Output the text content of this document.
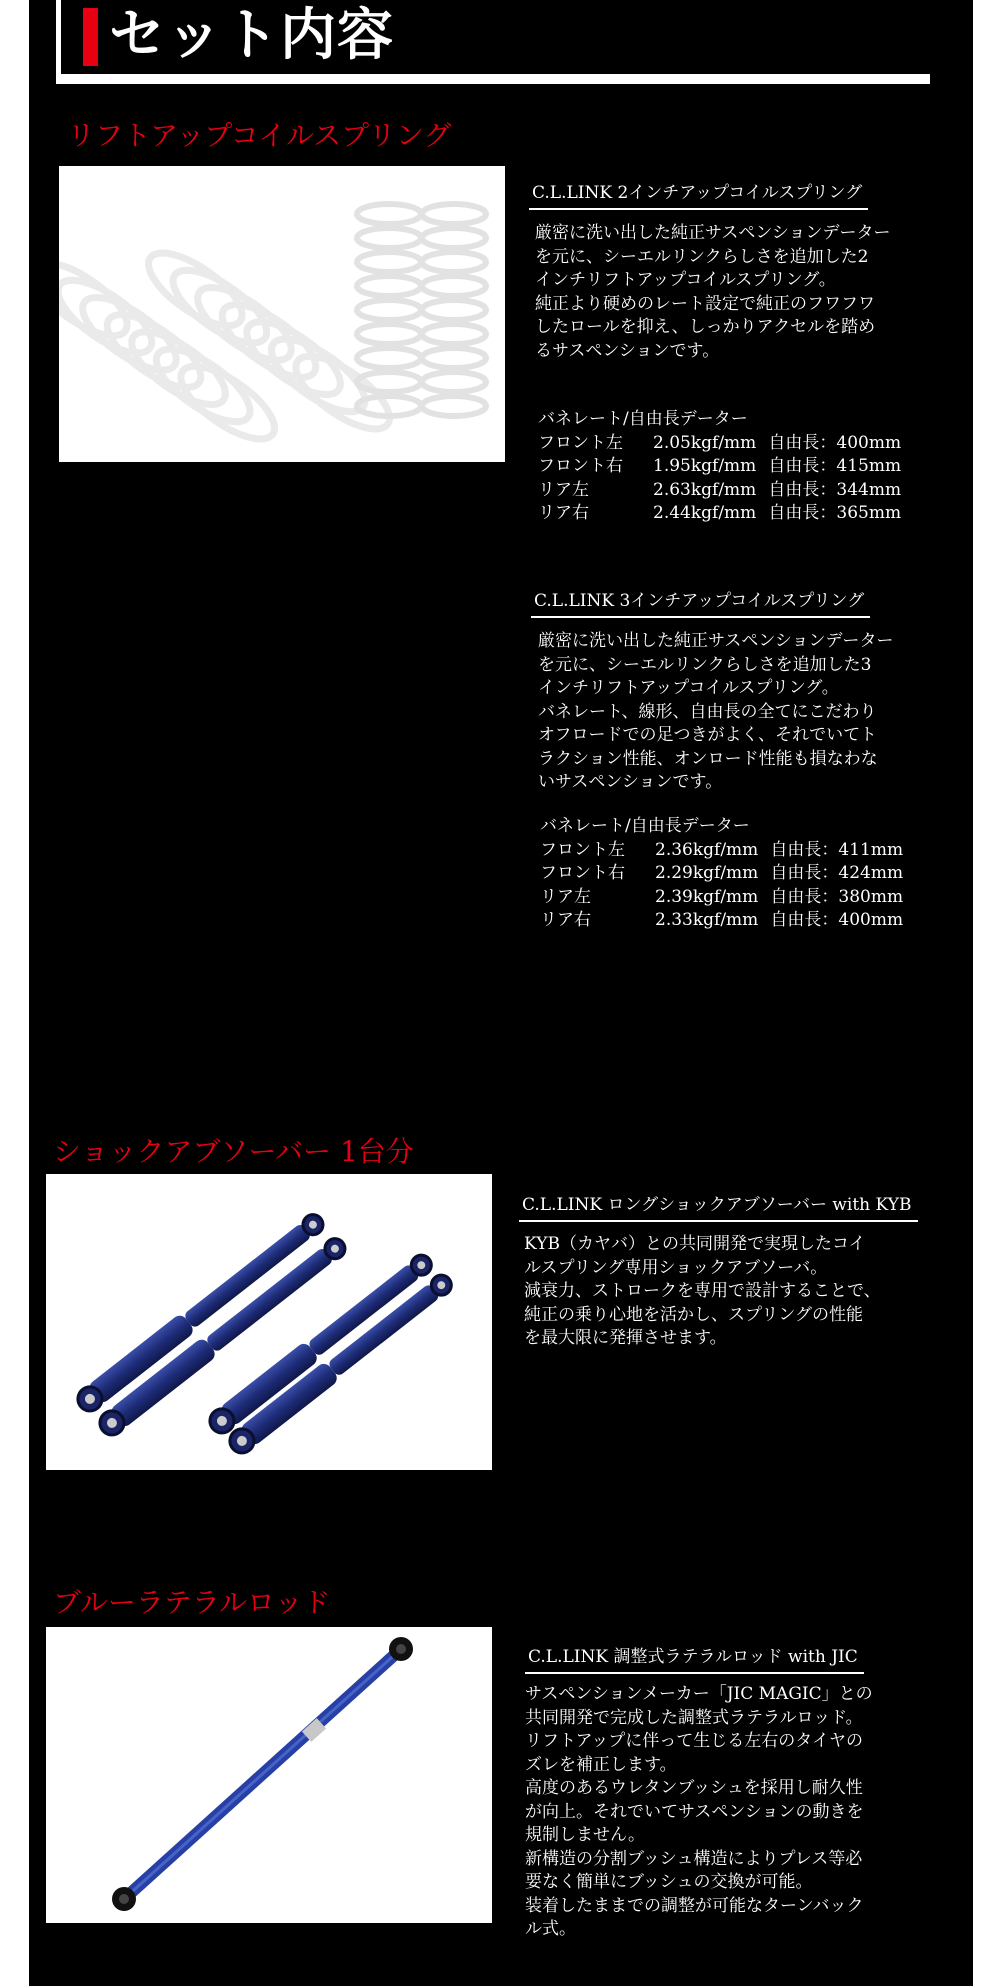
セット内容
リフトアップコイルスプリング
C.L.LINK 2インチアップコイルスプリング

厳密に洗い出した純正サスペンションデーター

を元に、シーエルリンクらしさを追加した2

インチリフトアップコイルスプリング。

純正より硬めのレート設定で純正のフワフワ

したロールを抑え、しっかりアクセルを踏め

るサスペンションです。

バネレート/自由長データー
フロント左 2.05kgf/mm 自由長：400mm
フロント右 1.95kgf/mm 自由長：415mm
リア左	2.63kgf/mm 自由長：344mm
リア右	2.44kgf/mm 自由長：365mm
C.L.LINK 3インチアップコイルスプリング

厳密に洗い出した純正サスペンションデーター

を元に、シーエルリンクらしさを追加した3

インチリフトアップコイルスプリング。

バネレート、線形、自由長の全てにこだわり

オフロードでの足つきがよく、それでいてト

ラクション性能、オンロード性能も損なわな

いサスペンションです。

バネレート/自由長データー
フロント左 2.36kgf/mm 自由長：411mm
フロント右 2.29kgf/mm 自由長：424mm
リア左	2.39kgf/mm 自由長：380mm
リア右	2.33kgf/mm 自由長：400mm
ショックアブソーバー 1台分
C.L.LINK ロングショックアブソーバー with KYB

KYB（カヤバ）との共同開発で実現したコイ

ルスプリング専用ショックアブソーバ。

減衰力、ストロークを専用で設計することで、

純正の乗り心地を活かし、スプリングの性能

を最大限に発揮させます。

ブルーラテラルロッド
C.L.LINK 調整式ラテラルロッド with JIC

サスペンションメーカー「JIC MAGIC」との

共同開発で完成した調整式ラテラルロッド。

リフトアップに伴って生じる左右のタイヤの

ズレを補正します。

高度のあるウレタンブッシュを採用し耐久性

が向上。それでいてサスペンションの動きを

規制しません。

新構造の分割ブッシュ構造によりプレス等必

要なく簡単にブッシュの交換が可能。

装着したままでの調整が可能なターンバック

ル式。
